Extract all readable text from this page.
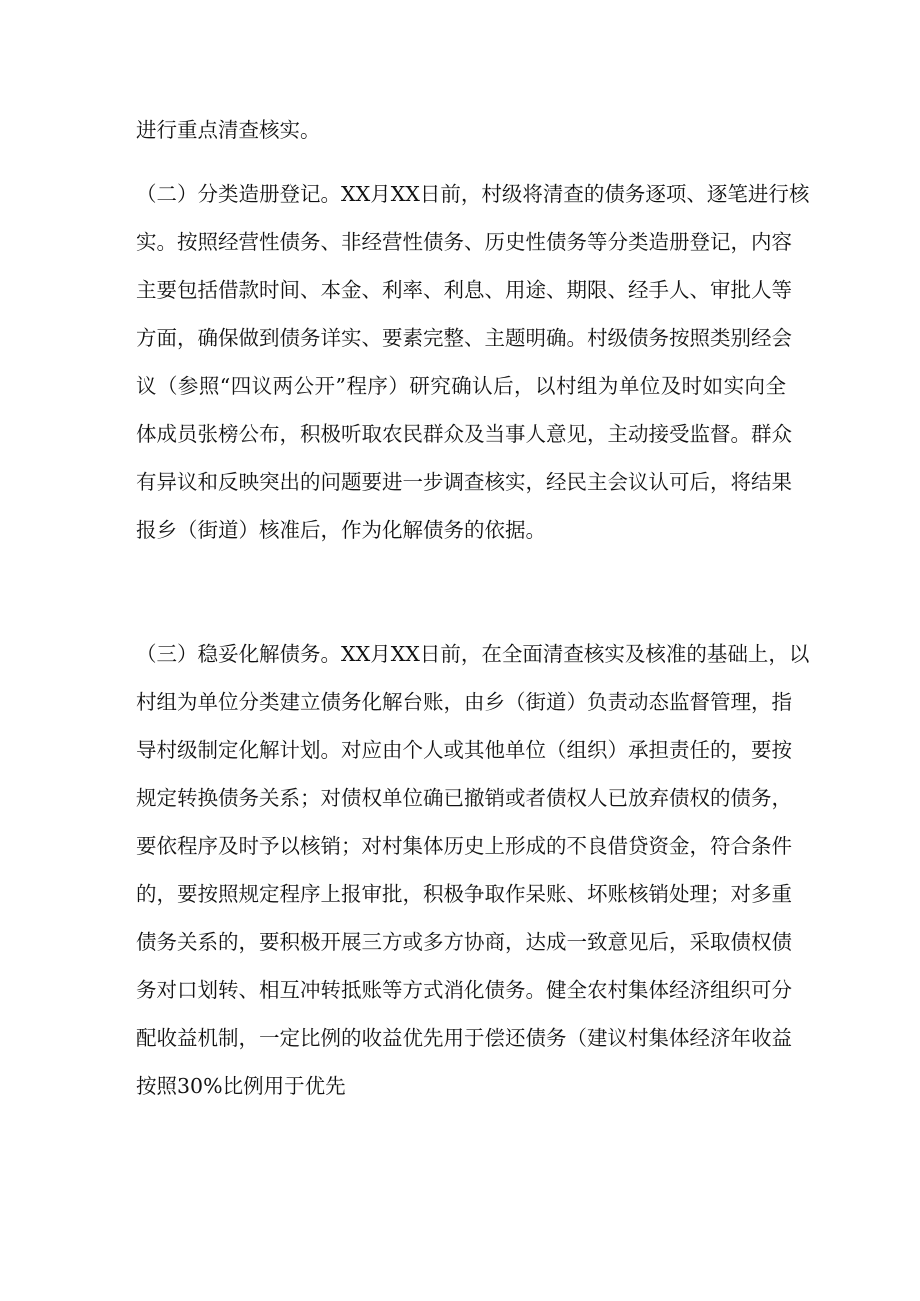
进行重点清查核实。
（二）分类造册登记。XX月XX日前，村级将清查的债务逐项、逐笔进行核
实。按照经营性债务、非经营性债务、历史性债务等分类造册登记，内容
主要包括借款时间、本金、利率、利息、用途、期限、经手人、审批人等
方面，确保做到债务详实、要素完整、主题明确。村级债务按照类别经会
议（参照“四议两公开”程序）研究确认后，以村组为单位及时如实向全
体成员张榜公布，积极听取农民群众及当事人意见，主动接受监督。群众
有异议和反映突出的问题要进一步调查核实，经民主会议认可后，将结果
报乡（街道）核准后，作为化解债务的依据。
（三）稳妥化解债务。XX月XX日前，在全面清查核实及核准的基础上，以
村组为单位分类建立债务化解台账，由乡（街道）负责动态监督管理，指
导村级制定化解计划。对应由个人或其他单位（组织）承担责任的，要按
规定转换债务关系；对债权单位确已撤销或者债权人已放弃债权的债务，
要依程序及时予以核销；对村集体历史上形成的不良借贷资金，符合条件
的，要按照规定程序上报审批，积极争取作呆账、坏账核销处理；对多重
债务关系的，要积极开展三方或多方协商，达成一致意见后，采取债权债
务对口划转、相互冲转抵账等方式消化债务。健全农村集体经济组织可分
配收益机制，一定比例的收益优先用于偿还债务（建议村集体经济年收益
按照30%比例用于优先
